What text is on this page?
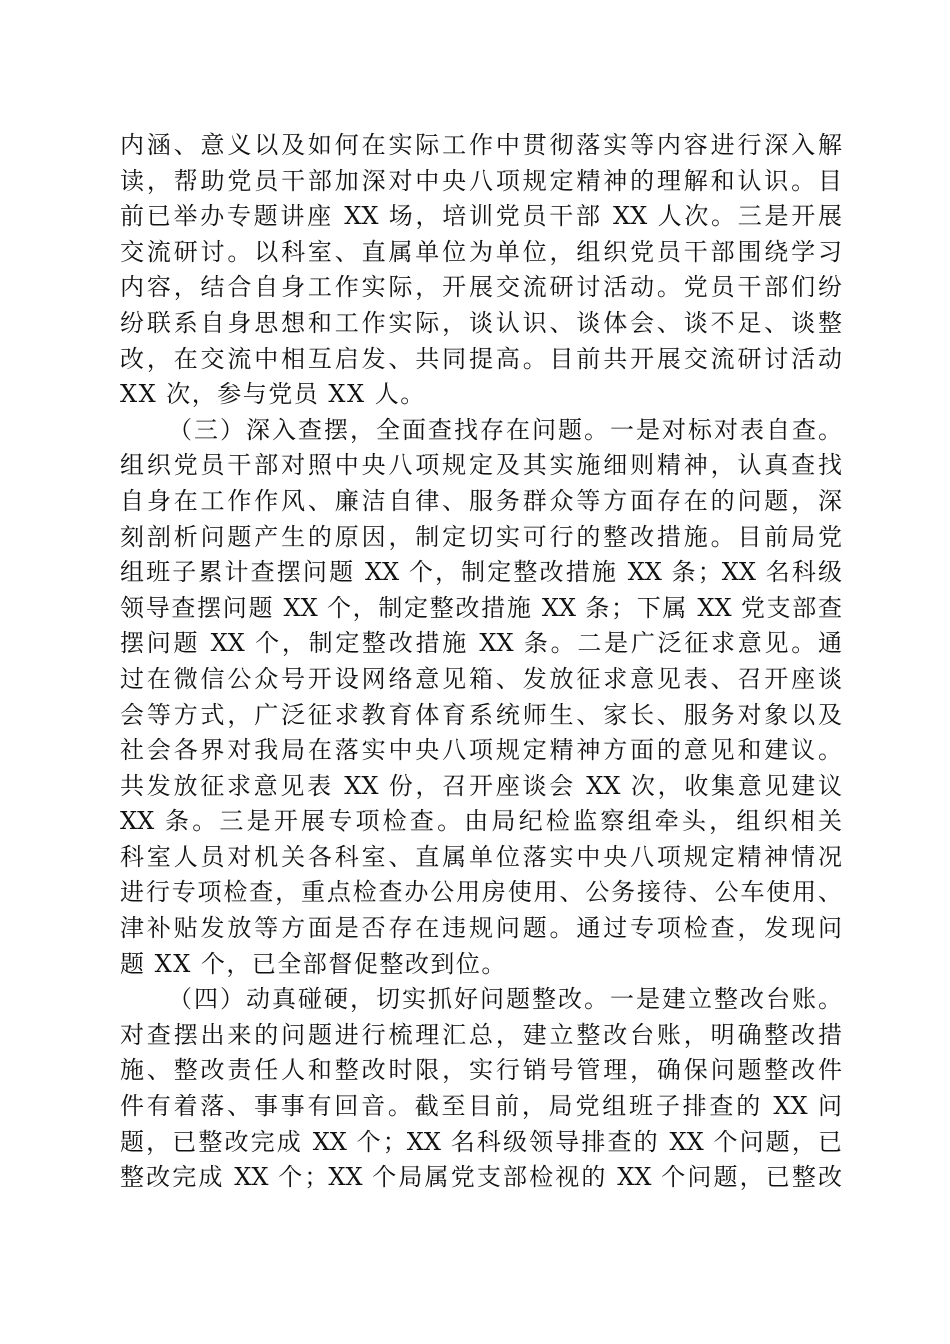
内涵、意义以及如何在实际工作中贯彻落实等内容进行深入解
读，帮助党员干部加深对中央八项规定精神的理解和认识。目
前已举办专题讲座 XX 场，培训党员干部 XX 人次。三是开展
交流研讨。以科室、直属单位为单位，组织党员干部围绕学习
内容，结合自身工作实际，开展交流研讨活动。党员干部们纷
纷联系自身思想和工作实际，谈认识、谈体会、谈不足、谈整
改，在交流中相互启发、共同提高。目前共开展交流研讨活动
XX 次，参与党员 XX 人。
（三）深入查摆，全面查找存在问题。一是对标对表自查。
组织党员干部对照中央八项规定及其实施细则精神，认真查找
自身在工作作风、廉洁自律、服务群众等方面存在的问题，深
刻剖析问题产生的原因，制定切实可行的整改措施。目前局党
组班子累计查摆问题 XX 个，制定整改措施 XX 条；XX 名科级
领导查摆问题 XX 个，制定整改措施 XX 条；下属 XX 党支部查
摆问题 XX 个，制定整改措施 XX 条。二是广泛征求意见。通
过在微信公众号开设网络意见箱、发放征求意见表、召开座谈
会等方式，广泛征求教育体育系统师生、家长、服务对象以及
社会各界对我局在落实中央八项规定精神方面的意见和建议。
共发放征求意见表 XX 份，召开座谈会 XX 次，收集意见建议
XX 条。三是开展专项检查。由局纪检监察组牵头，组织相关
科室人员对机关各科室、直属单位落实中央八项规定精神情况
进行专项检查，重点检查办公用房使用、公务接待、公车使用、
津补贴发放等方面是否存在违规问题。通过专项检查，发现问
题 XX 个，已全部督促整改到位。
（四）动真碰硬，切实抓好问题整改。一是建立整改台账。
对查摆出来的问题进行梳理汇总，建立整改台账，明确整改措
施、整改责任人和整改时限，实行销号管理，确保问题整改件
件有着落、事事有回音。截至目前，局党组班子排查的 XX 问
题，已整改完成 XX 个；XX 名科级领导排查的 XX 个问题，已
整改完成 XX 个；XX 个局属党支部检视的 XX 个问题，已整改
